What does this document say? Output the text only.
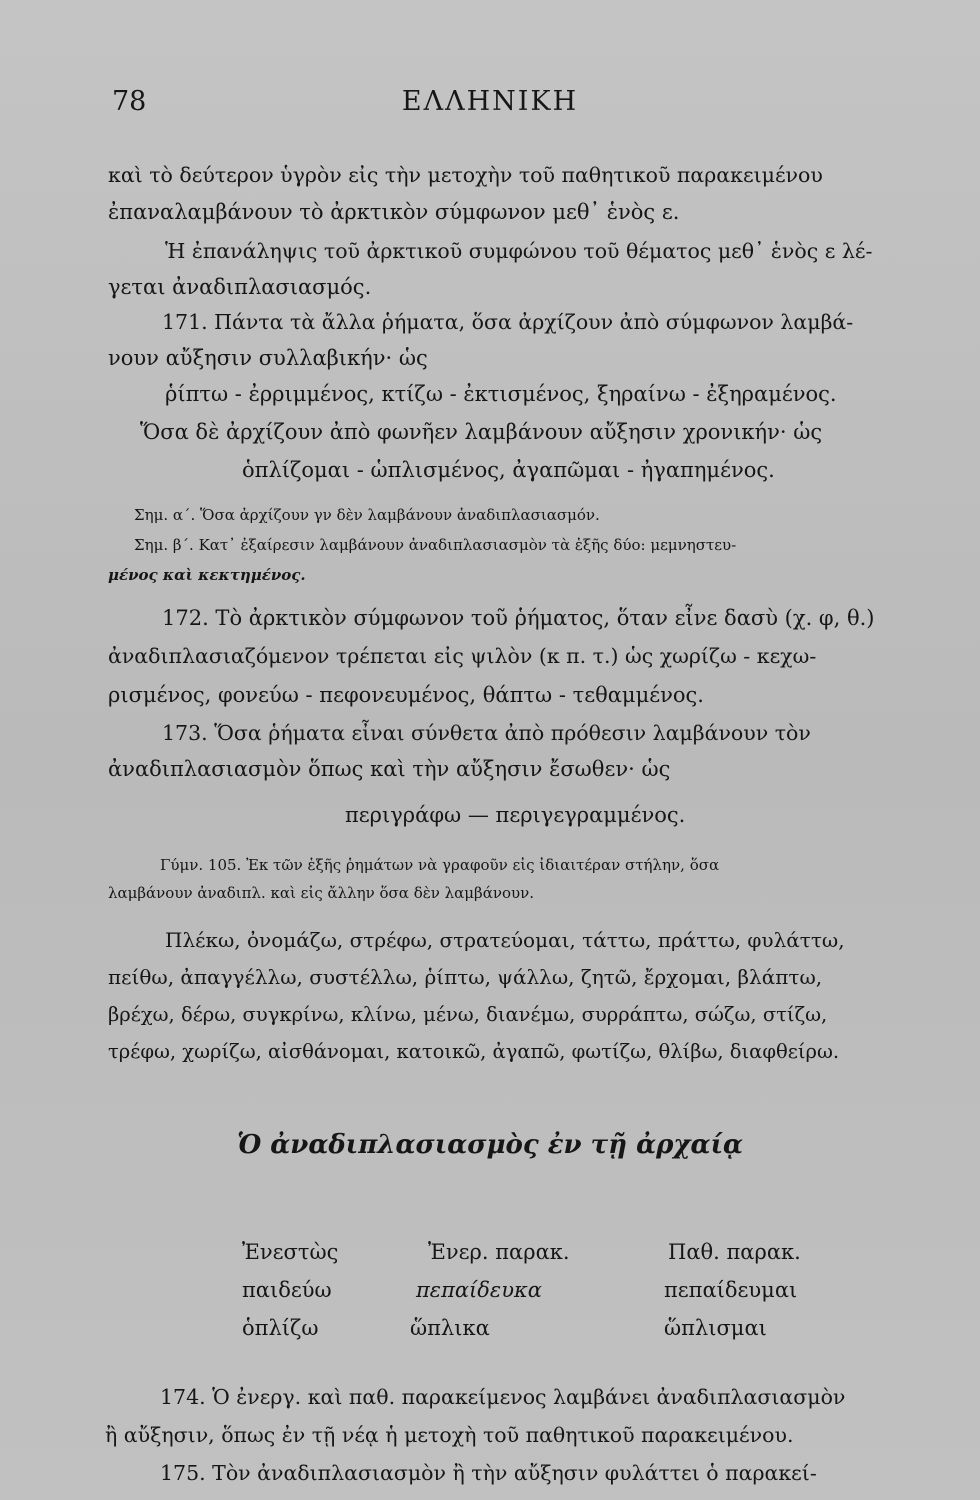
78	ΕΛΛΗΝΙΚΗ
καὶ τὸ δεύτερον ὑγρὸν εἰς τὴν μετοχὴν τοῦ παθητικοῦ παρακειμένου
ἐπαναλαμβάνουν τὸ ἀρκτικὸν σύμφωνον μεθ᾽ ἑνὸς ε.
Ἡ ἐπανάληψις τοῦ ἀρκτικοῦ συμφώνου τοῦ θέματος μεθ᾽ ἑνὸς ε λέ-
γεται ἀναδιπλασιασμός.
171. Πάντα τὰ ἄλλα ῥήματα, ὅσα ἀρχίζουν ἀπὸ σύμφωνον λαμβά-
νουν αὔξησιν συλλαβικήν· ὡς
ῥίπτω - ἐρριμμένος, κτίζω - ἐκτισμένος, ξηραίνω - ἐξηραμένος.
Ὅσα δὲ ἀρχίζουν ἀπὸ φωνῆεν λαμβάνουν αὔξησιν χρονικήν· ὡς
ὁπλίζομαι - ὡπλισμένος, ἀγαπῶμαι - ἠγαπημένος.
Σημ. α΄. Ὅσα ἀρχίζουν γν δὲν λαμβάνουν ἀναδιπλασιασμόν.
Σημ. β΄. Κατ᾽ ἐξαίρεσιν λαμβάνουν ἀναδιπλασιασμὸν τὰ ἑξῆς δύο: μεμνηστευ-
μένος καὶ κεκτημένος.
172. Τὸ ἀρκτικὸν σύμφωνον τοῦ ῥήματος, ὅταν εἶνε δασὺ (χ. φ, θ.)
ἀναδιπλασιαζόμενον τρέπεται εἰς ψιλὸν (κ π. τ.) ὡς χωρίζω - κεχω-
ρισμένος, φονεύω - πεφονευμένος, θάπτω - τεθαμμένος.
173. Ὅσα ῥήματα εἶναι σύνθετα ἀπὸ πρόθεσιν λαμβάνουν τὸν
ἀναδιπλασιασμὸν ὅπως καὶ τὴν αὔξησιν ἔσωθεν· ὡς
περιγράφω — περιγεγραμμένος.
Γύμν. 105. Ἐκ τῶν ἑξῆς ῥημάτων νὰ γραφοῦν εἰς ἰδιαιτέραν στήλην, ὅσα
λαμβάνουν ἀναδιπλ. καὶ εἰς ἄλλην ὅσα δὲν λαμβάνουν.
Πλέκω, ὀνομάζω, στρέφω, στρατεύομαι, τάττω, πράττω, φυλάττω,
πείθω, ἀπαγγέλλω, συστέλλω, ῥίπτω, ψάλλω, ζητῶ, ἔρχομαι, βλάπτω,
βρέχω, δέρω, συγκρίνω, κλίνω, μένω, διανέμω, συρράπτω, σώζω, στίζω,
τρέφω, χωρίζω, αἰσθάνομαι, κατοικῶ, ἀγαπῶ, φωτίζω, θλίβω, διαφθείρω.
Ὁ ἀναδιπλασιασμὸς ἐν τῇ ἀρχαίᾳ
Ἐνεστὼς	Ἐνερ. παρακ.	Παθ. παρακ.
παιδεύω	πεπαίδευκα	πεπαίδευμαι
ὁπλίζω	ὥπλικα	ὥπλισμαι
174. Ὁ ἐνεργ. καὶ παθ. παρακείμενος λαμβάνει ἀναδιπλασιασμὸν
ἢ αὔξησιν, ὅπως ἐν τῇ νέᾳ ἡ μετοχὴ τοῦ παθητικοῦ παρακειμένου.
175. Τὸν ἀναδιπλασιασμὸν ἢ τὴν αὔξησιν φυλάττει ὁ παρακεί-
